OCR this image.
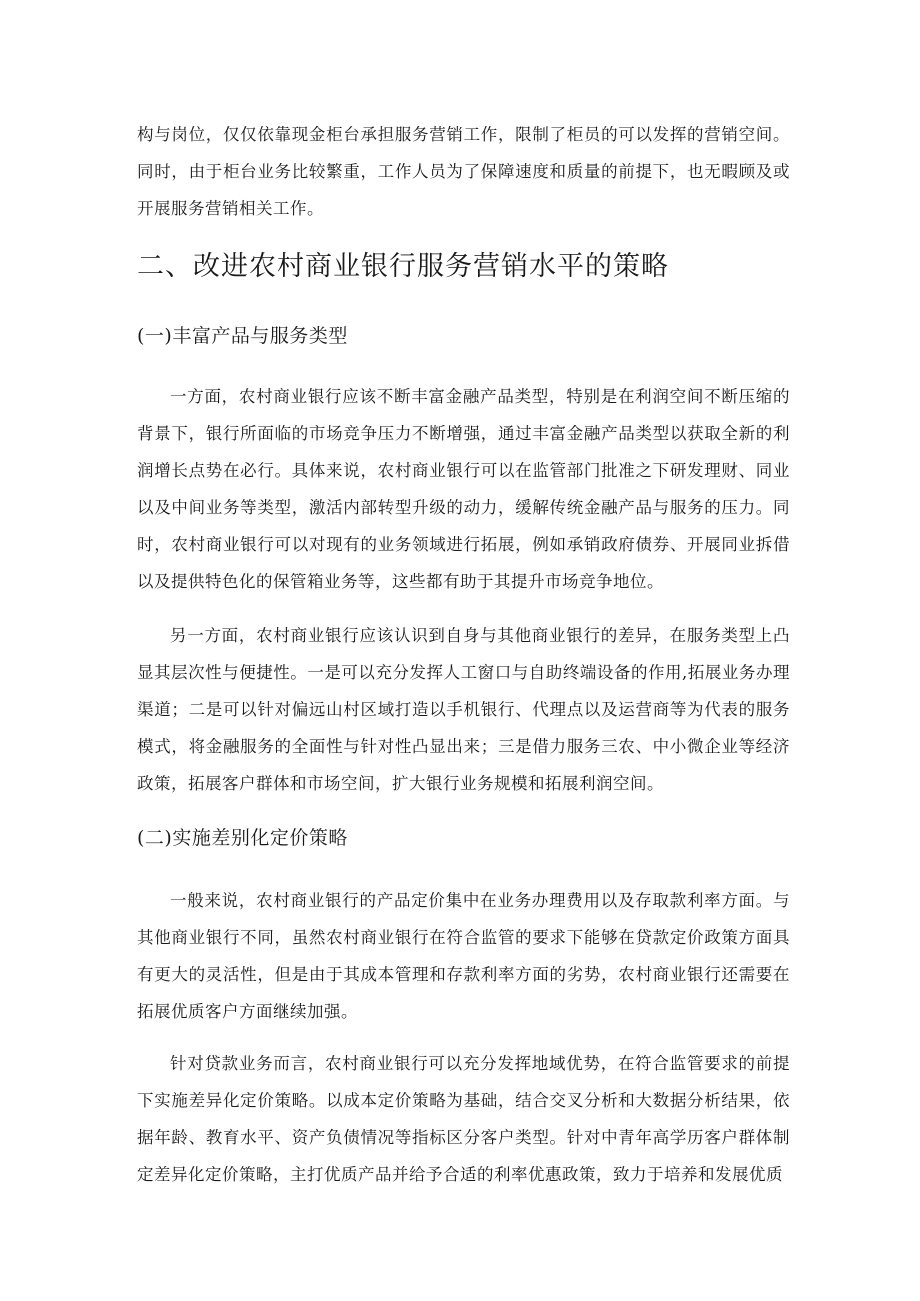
构与岗位，仅仅依靠现金柜台承担服务营销工作，限制了柜员的可以发挥的营销空间。同时，由于柜台业务比较繁重，工作人员为了保障速度和质量的前提下，也无暇顾及或开展服务营销相关工作。

二、改进农村商业银行服务营销水平的策略
(一)丰富产品与服务类型

一方面，农村商业银行应该不断丰富金融产品类型，特别是在利润空间不断压缩的背景下，银行所面临的市场竞争压力不断增强，通过丰富金融产品类型以获取全新的利润增长点势在必行。具体来说，农村商业银行可以在监管部门批准之下研发理财、同业以及中间业务等类型，激活内部转型升级的动力，缓解传统金融产品与服务的压力。同时，农村商业银行可以对现有的业务领域进行拓展，例如承销政府债券、开展同业拆借以及提供特色化的保管箱业务等，这些都有助于其提升市场竞争地位。

另一方面，农村商业银行应该认识到自身与其他商业银行的差异，在服务类型上凸显其层次性与便捷性。一是可以充分发挥人工窗口与自助终端设备的作用,拓展业务办理渠道；二是可以针对偏远山村区域打造以手机银行、代理点以及运营商等为代表的服务模式，将金融服务的全面性与针对性凸显出来；三是借力服务三农、中小微企业等经济政策，拓展客户群体和市场空间，扩大银行业务规模和拓展利润空间。

(二)实施差别化定价策略

一般来说，农村商业银行的产品定价集中在业务办理费用以及存取款利率方面。与其他商业银行不同，虽然农村商业银行在符合监管的要求下能够在贷款定价政策方面具有更大的灵活性，但是由于其成本管理和存款利率方面的劣势，农村商业银行还需要在拓展优质客户方面继续加强。

针对贷款业务而言，农村商业银行可以充分发挥地域优势，在符合监管要求的前提下实施差异化定价策略。以成本定价策略为基础，结合交叉分析和大数据分析结果，依据年龄、教育水平、资产负债情况等指标区分客户类型。针对中青年高学历客户群体制定差异化定价策略，主打优质产品并给予合适的利率优惠政策，致力于培养和发展优质
